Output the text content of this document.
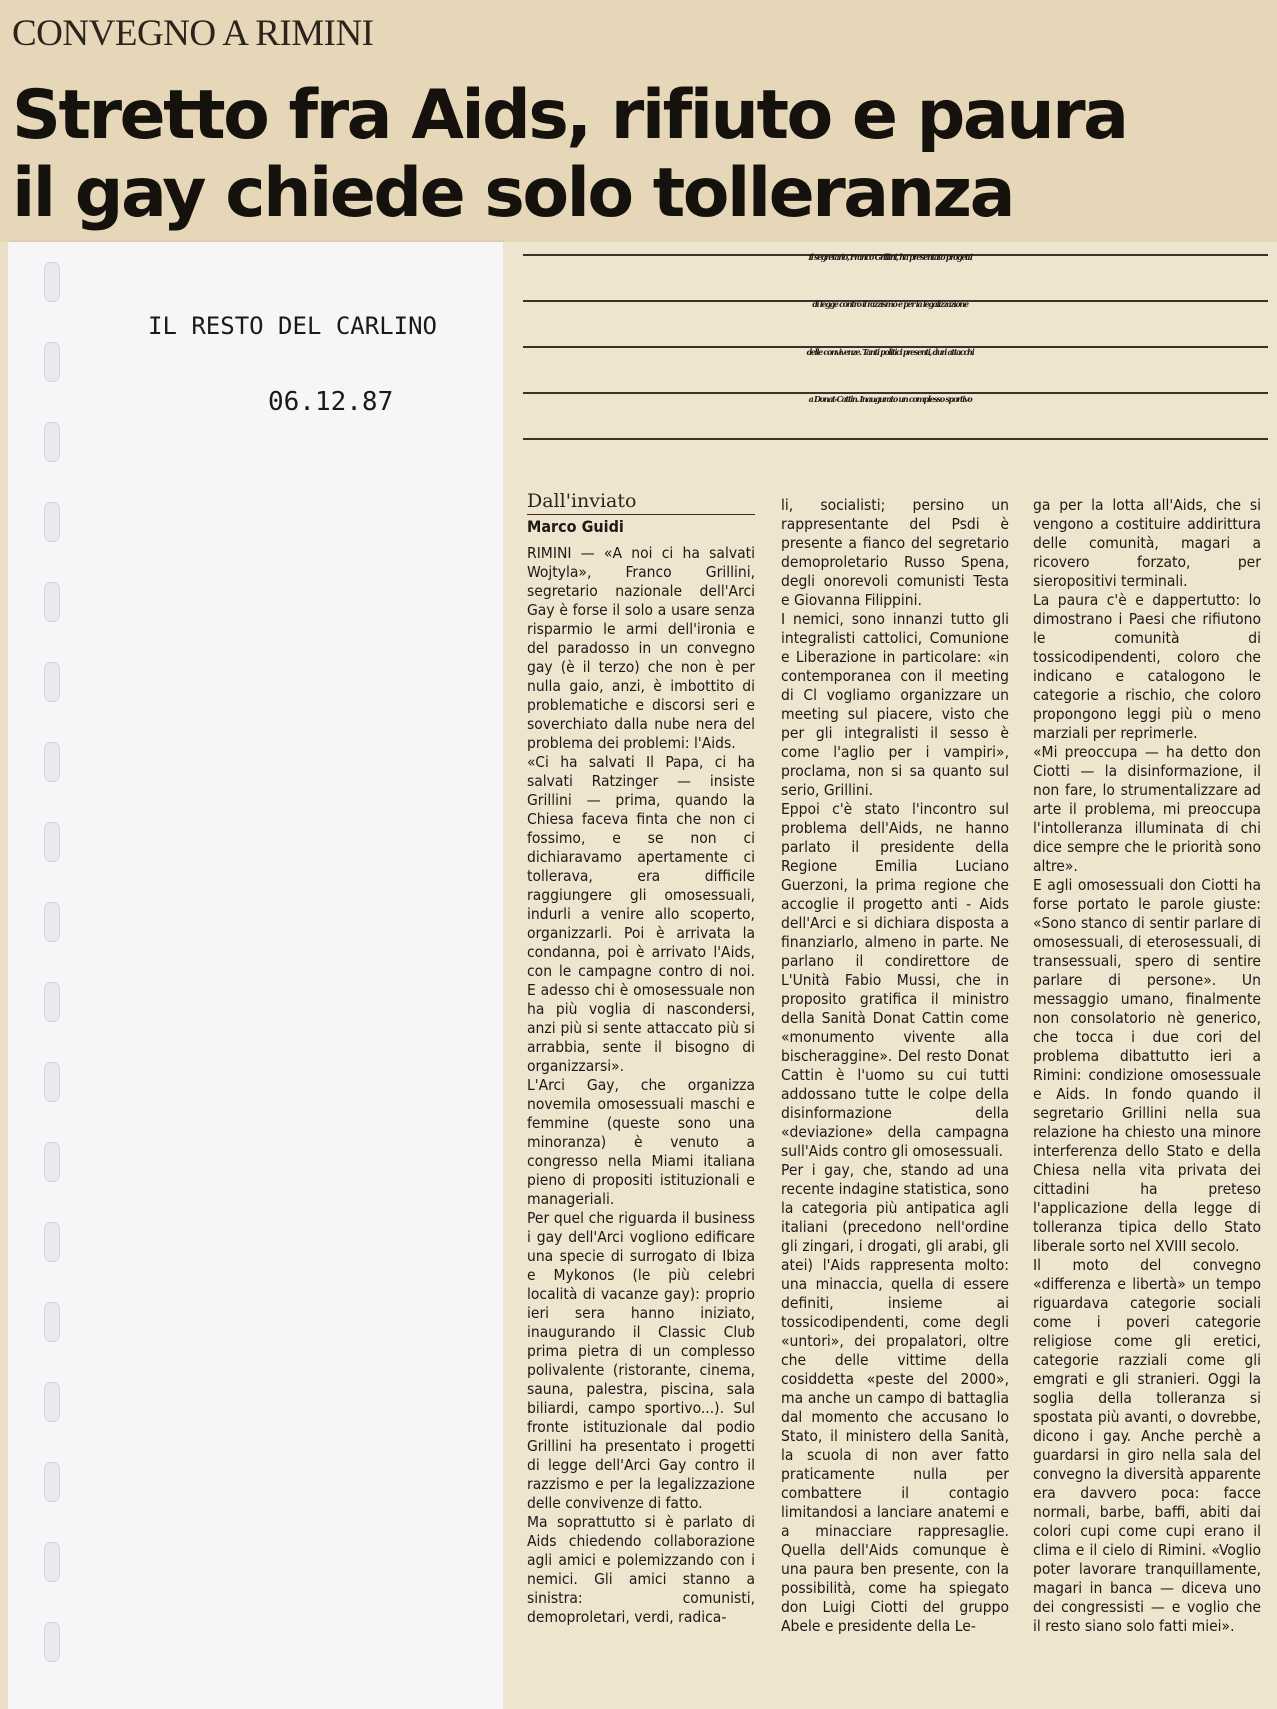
CONVEGNO A RIMINI
Stretto fra Aids, rifiuto e paura
il gay chiede solo tolleranza
IL RESTO DEL CARLINO
06.12.87
Il segretario, Franco Grillini, ha presentato progetti
di legge contro il razzismo e per la legalizzazione
delle convivenze. Tanti politici presenti, duri attacchi
a Donat-Cattin. Inaugurato un complesso sportivo

Dall'inviato

Marco Guidi

RIMINI — «A noi ci ha salvati Wojtyla», Franco Grillini, segretario nazionale dell'Arci Gay è forse il solo a usare senza risparmio le armi dell'ironia e del paradosso in un convegno gay (è il terzo) che non è per nulla gaio, anzi, è imbottito di problematiche e discorsi seri e soverchiato dalla nube nera del problema dei problemi: l'Aids.

«Ci ha salvati Il Papa, ci ha salvati Ratzinger — insiste Grillini — prima, quando la Chiesa faceva finta che non ci fossimo, e se non ci dichiaravamo apertamente ci tollerava, era difficile raggiungere gli omosessuali, indurli a venire allo scoperto, organizzarli. Poi è arrivata la condanna, poi è arrivato l'Aids, con le campagne contro di noi. E adesso chi è omosessuale non ha più voglia di nascondersi, anzi più si sente attaccato più si arrabbia, sente il bisogno di organizzarsi».

L'Arci Gay, che organizza novemila omosessuali maschi e femmine (queste sono una minoranza) è venuto a congresso nella Miami italiana pieno di propositi istituzionali e manageriali.

Per quel che riguarda il business i gay dell'Arci vogliono edificare una specie di surrogato di Ibiza e Mykonos (le più celebri località di vacanze gay): proprio ieri sera hanno iniziato, inaugurando il Classic Club prima pietra di un complesso polivalente (ristorante, cinema, sauna, palestra, piscina, sala biliardi, campo sportivo...). Sul fronte istituzionale dal podio Grillini ha presentato i progetti di legge dell'Arci Gay contro il razzismo e per la legalizzazione delle convivenze di fatto.

Ma soprattutto si è parlato di Aids chiedendo collaborazione agli amici e polemizzando con i nemici. Gli amici stanno a sinistra: comunisti, demoproletari, verdi, radica-

li, socialisti; persino un rappresentante del Psdi è presente a fianco del segretario demoproletario Russo Spena, degli onorevoli comunisti Testa e Giovanna Filippini.

I nemici, sono innanzi tutto gli integralisti cattolici, Comunione e Liberazione in particolare: «in contemporanea con il meeting di Cl vogliamo organizzare un meeting sul piacere, visto che per gli integralisti il sesso è come l'aglio per i vampiri», proclama, non si sa quanto sul serio, Grillini.

Eppoi c'è stato l'incontro sul problema dell'Aids, ne hanno parlato il presidente della Regione Emilia Luciano Guerzoni, la prima regione che accoglie il progetto anti - Aids dell'Arci e si dichiara disposta a finanziarlo, almeno in parte. Ne parlano il condirettore de L'Unità Fabio Mussi, che in proposito gratifica il ministro della Sanità Donat Cattin come «monumento vivente alla bischeraggine». Del resto Donat Cattin è l'uomo su cui tutti addossano tutte le colpe della disinformazione della «deviazione» della campagna sull'Aids contro gli omosessuali.

Per i gay, che, stando ad una recente indagine statistica, sono la categoria più antipatica agli italiani (precedono nell'ordine gli zingari, i drogati, gli arabi, gli atei) l'Aids rappresenta molto: una minaccia, quella di essere definiti, insieme ai tossicodipendenti, come degli «untori», dei propalatori, oltre che delle vittime della cosiddetta «peste del 2000», ma anche un campo di battaglia dal momento che accusano lo Stato, il ministero della Sanità, la scuola di non aver fatto praticamente nulla per combattere il contagio limitandosi a lanciare anatemi e a minacciare rappresaglie. Quella dell'Aids comunque è una paura ben presente, con la possibilità, come ha spiegato don Luigi Ciotti del gruppo Abele e presidente della Le-

ga per la lotta all'Aids, che si vengono a costituire addirittura delle comunità, magari a ricovero forzato, per sieropositivi terminali.

La paura c'è e dappertutto: lo dimostrano i Paesi che rifiutono le comunità di tossicodipendenti, coloro che indicano e catalogono le categorie a rischio, che coloro propongono leggi più o meno marziali per reprimerle.

«Mi preoccupa — ha detto don Ciotti — la disinformazione, il non fare, lo strumentalizzare ad arte il problema, mi preoccupa l'intolleranza illuminata di chi dice sempre che le priorità sono altre».

E agli omosessuali don Ciotti ha forse portato le parole giuste: «Sono stanco di sentir parlare di omosessuali, di eterosessuali, di transessuali, spero di sentire parlare di persone». Un messaggio umano, finalmente non consolatorio nè generico, che tocca i due cori del problema dibattutto ieri a Rimini: condizione omosessuale e Aids. In fondo quando il segretario Grillini nella sua relazione ha chiesto una minore interferenza dello Stato e della Chiesa nella vita privata dei cittadini ha preteso l'applicazione della legge di tolleranza tipica dello Stato liberale sorto nel XVIII secolo.

Il moto del convegno «differenza e libertà» un tempo riguardava categorie sociali come i poveri categorie religiose come gli eretici, categorie razziali come gli emgrati e gli stranieri. Oggi la soglia della tolleranza si spostata più avanti, o dovrebbe, dicono i gay. Anche perchè a guardarsi in giro nella sala del convegno la diversità apparente era davvero poca: facce normali, barbe, baffi, abiti dai colori cupi come cupi erano il clima e il cielo di Rimini. «Voglio poter lavorare tranquillamente, magari in banca — diceva uno dei congressisti — e voglio che il resto siano solo fatti miei».
